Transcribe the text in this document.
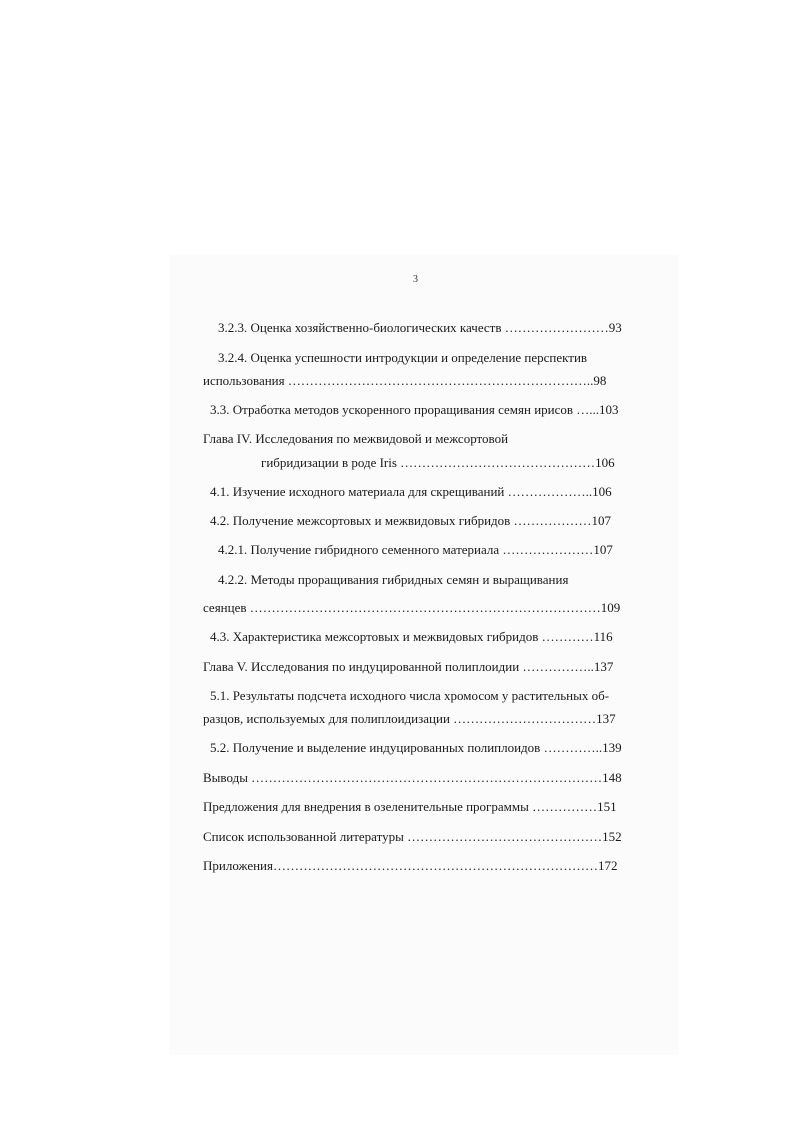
3
3.2.3. Оценка хозяйственно-биологических качеств ……………………93
3.2.4. Оценка успешности интродукции и определение перспектив
использования ……………………………………………………………..98
3.3. Отработка методов ускоренного проращивания семян ирисов …...103
Глава IV. Исследования по межвидовой и межсортовой
гибридизации в роде Iris ………………………………………106
4.1. Изучение исходного материала для скрещиваний ………………..106
4.2. Получение межсортовых и межвидовых гибридов ………………107
4.2.1. Получение гибридного семенного материала …………………107
4.2.2. Методы проращивания гибридных семян и выращивания
сеянцев ………………………………………………………………………109
4.3. Характеристика межсортовых и межвидовых гибридов …………116
Глава V. Исследования по индуцированной полиплоидии ……………..137
5.1. Результаты подсчета исходного числа хромосом у растительных об-
разцов, используемых для полиплоидизации ……………………………137
5.2. Получение и выделение индуцированных полиплоидов …………..139
Выводы ………………………………………………………………………148
Предложения для внедрения в озеленительные программы ……………151
Список использованной литературы ………………………………………152
Приложения…………………………………………………………………172
